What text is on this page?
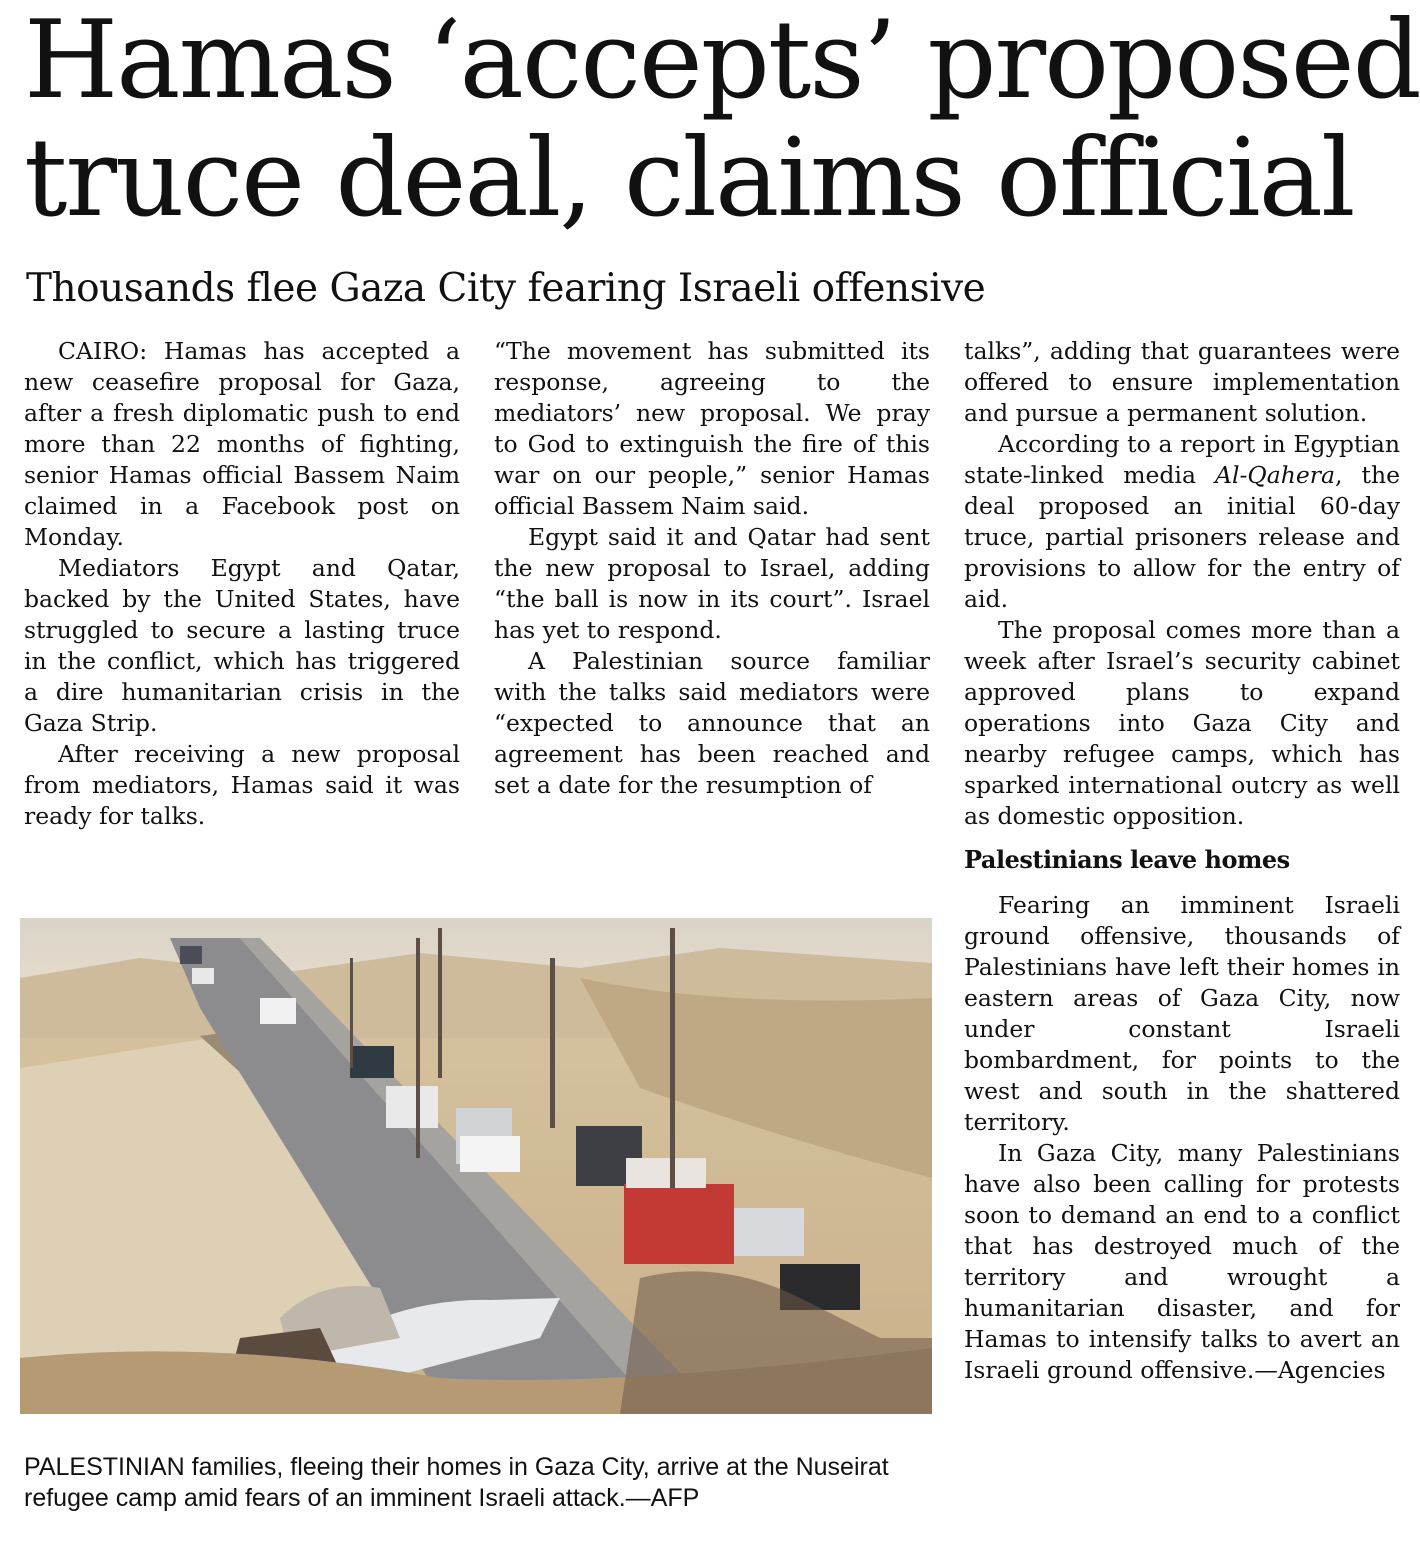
Hamas ‘accepts’ proposed
truce deal, claims official
Thousands flee Gaza City fearing Israeli offensive

CAIRO: Hamas has accepted a new ceasefire proposal for Gaza, after a fresh diplomatic push to end more than 22 months of fighting, senior Hamas official Bassem Naim claimed in a Facebook post on Monday.

Mediators Egypt and Qatar, backed by the United States, have struggled to secure a lasting truce in the conflict, which has triggered a dire humanitarian crisis in the Gaza Strip.

After receiving a new proposal from mediators, Hamas said it was ready for talks.

“The movement has submitted its response, agreeing to the mediators’ new proposal. We pray to God to extinguish the fire of this war on our people,” senior Hamas official Bassem Naim said.

Egypt said it and Qatar had sent the new proposal to Israel, adding “the ball is now in its court”. Israel has yet to respond.

A Palestinian source familiar with the talks said mediators were “expected to announce that an agreement has been reached and set a date for the resumption of

talks”, adding that guarantees were offered to ensure implementation and pursue a permanent solution.

According to a report in Egyptian state-linked media Al-Qahera, the deal proposed an initial 60-day truce, partial prisoners release and provisions to allow for the entry of aid.

The proposal comes more than a week after Israel’s security cabinet approved plans to expand operations into Gaza City and nearby refugee camps, which has sparked international outcry as well as domestic opposition.

Palestinians leave homes

Fearing an imminent Israeli ground offensive, thousands of Palestinians have left their homes in eastern areas of Gaza City, now under constant Israeli bombardment, for points to the west and south in the shattered territory.

In Gaza City, many Palestinians have also been calling for protests soon to demand an end to a conflict that has destroyed much of the territory and wrought a humanitarian disaster, and for Hamas to intensify talks to avert an Israeli ground offensive.—Agencies

PALESTINIAN families, fleeing their homes in Gaza City, arrive at the Nuseirat refugee camp amid fears of an imminent Israeli attack.—AFP
